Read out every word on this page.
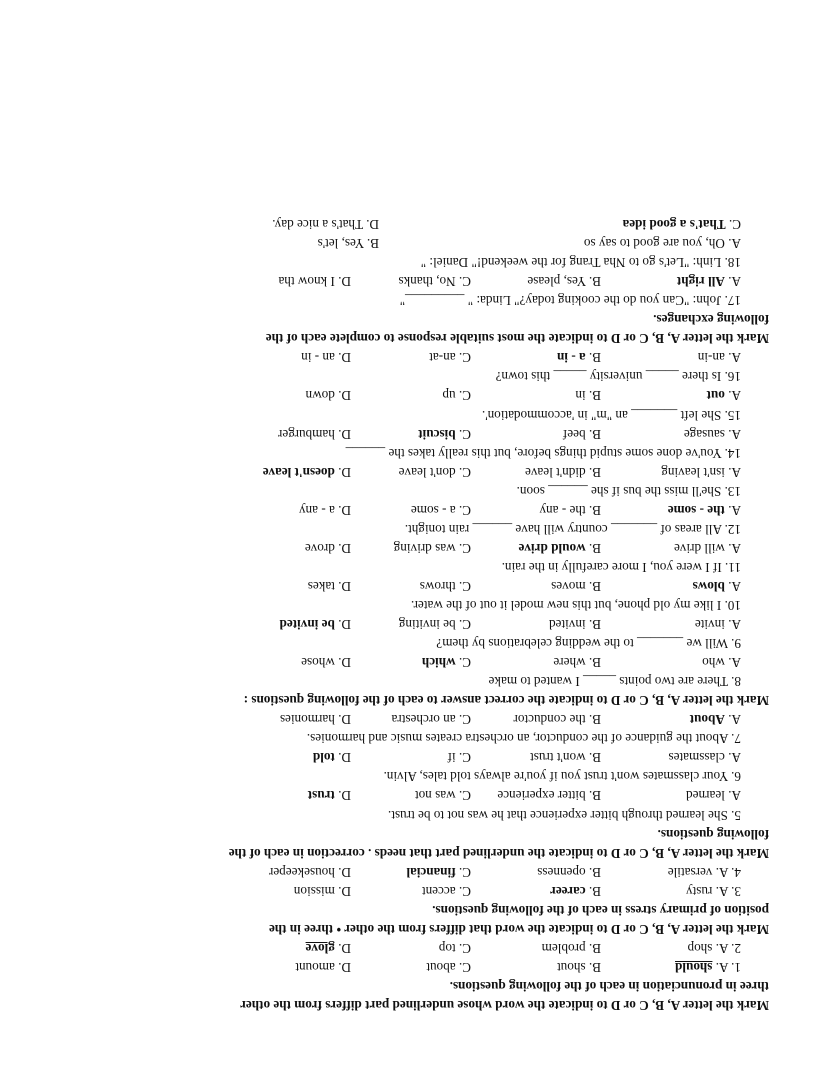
Mark the letter A, B, C or D to indicate the word whose underlined part differs from the other
three in pronunciation in each of the following questions.
1. A. should
B. shout
C. about
D. amount
2. A. shop
B. problem
C. top
D. glove
Mark the letter A, B, C or D to indicate the word that differs from the other • three in the
position of primary stress in each of the following questions.
3. A. rusty
B. career
C. accent
D. mission
4. A. versatile
B. openness
C. financial
D. housekeeper
Mark the letter A, B, C or D to indicate the underlined part that needs . correction in each of the
following questions.
5. She learned through bitter experience that he was not to be trust.
A. learned
B. bitter experience
C. was not
D. trust
6. Your classmates won't trust you if you're always told tales, Alvin.
A. classmates
B. won't trust
C. if
D. told
7. About the guidance of the conductor, an orchestra creates music and harmonies.
A. About
B. the conductor
C. an orchestra
D. harmonies
Mark the letter A, B, C or D to indicate the correct answer to each of the following questions :
8. There are two points _____ I wanted to make
A. who
B. where
C. which
D. whose
9. Will we _______ to the wedding celebrations by them?
A. invite
B. invited
C. be inviting
D. be invited
10. I like my old phone, but this new model it out of the water.
A. blows
B. moves
C. throws
D. takes
11. If I were you, I more carefully in the rain.
A. will drive
B. would drive
C. was driving
D. drove
12. All areas of _______ country will have ______ rain tonight.
A. the - some
B. the - any
C. a - some
D. a - any
13. She'll miss the bus if she ______ soon.
A. isn't leaving
B. didn't leave
C. don't leave
D. doesn't leave
14. You've done some stupid things before, but this really takes the ______
A. sausage
B. beef
C. biscuit
D. hamburger
15. She left _______ an "m" in 'accommodation'.
A. out
B. in
C. up
D. down
16. Is there _____ university _____ this town?
A. an-in
B. a - in
C. an-at
D. an - in
Mark the letter A, B, C or D to indicate the most suitable response to complete each of the
following exchanges.
17. John: "Can you do the cooking today?" Linda: " _________"
A. All right
B. Yes, please
C. No, thanks
D. I know tha
18. Linh: "Let's go to Nha Trang for the weekend!" Daniel: "
A. Oh, you are good to say so
B. Yes, let's
C. That's a good idea
D. That's a nice day.
